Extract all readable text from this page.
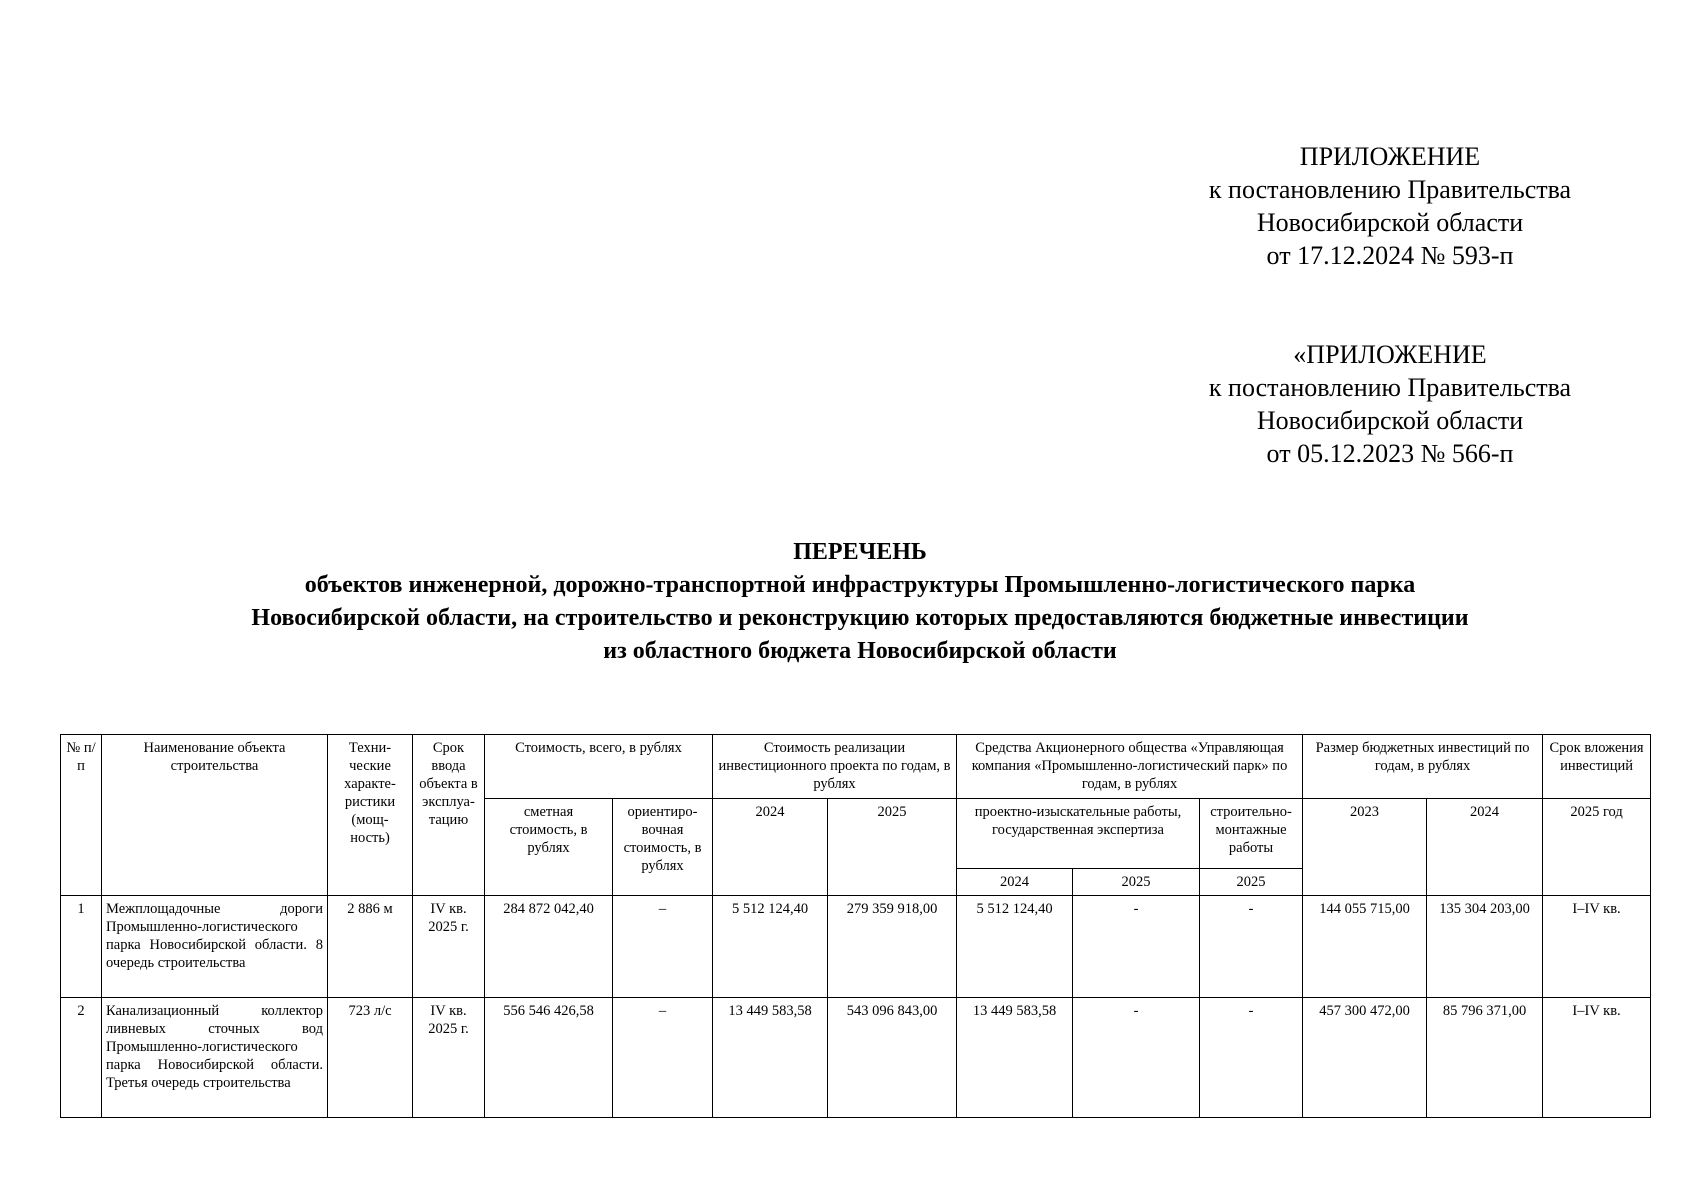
ПРИЛОЖЕНИЕ
к постановлению Правительства
Новосибирской области
от 17.12.2024 № 593-п
«ПРИЛОЖЕНИЕ
к постановлению Правительства
Новосибирской области
от 05.12.2023 № 566-п
ПЕРЕЧЕНЬ
объектов инженерной, дорожно-транспортной инфраструктуры Промышленно-логистического парка
Новосибирской области, на строительство и реконструкцию которых предоставляются бюджетные инвестиции
из областного бюджета Новосибирской области
№ п/п	Наименование объекта строительства	Техни-ческие характе-ристики (мощ-ность)	Срок ввода объекта в эксплуа-тацию	Стоимость, всего, в рублях		Стоимость реализации инвестиционного проекта по годам, в рублях		Средства Акционерного общества «Управляющая компания «Промышленно-логистический парк» по годам, в рублях			Размер бюджетных инвестиций по годам, в рублях		Срок вложения инвестиций
				сметная стоимость, в рублях	ориентиро-вочная стоимость, в рублях	2024	2025	проектно-изыскательные работы, государственная экспертиза		строительно-монтажные работы	2023	2024	2025 год
								2024	2025	2025			
1	Межплощадочные дороги Промышленно-логистического парка Новосибирской области. 8 очередь строительства	2 886 м	IV кв. 2025 г.	284 872 042,40	–	5 512 124,40	279 359 918,00	5 512 124,40	-	-	144 055 715,00	135 304 203,00	I–IV кв.
2	Канализационный коллектор ливневых сточных вод Промышленно-логистического парка Новосибирской области. Третья очередь строительства	723 л/с	IV кв. 2025 г.	556 546 426,58	–	13 449 583,58	543 096 843,00	13 449 583,58	-	-	457 300 472,00	85 796 371,00	I–IV кв.
